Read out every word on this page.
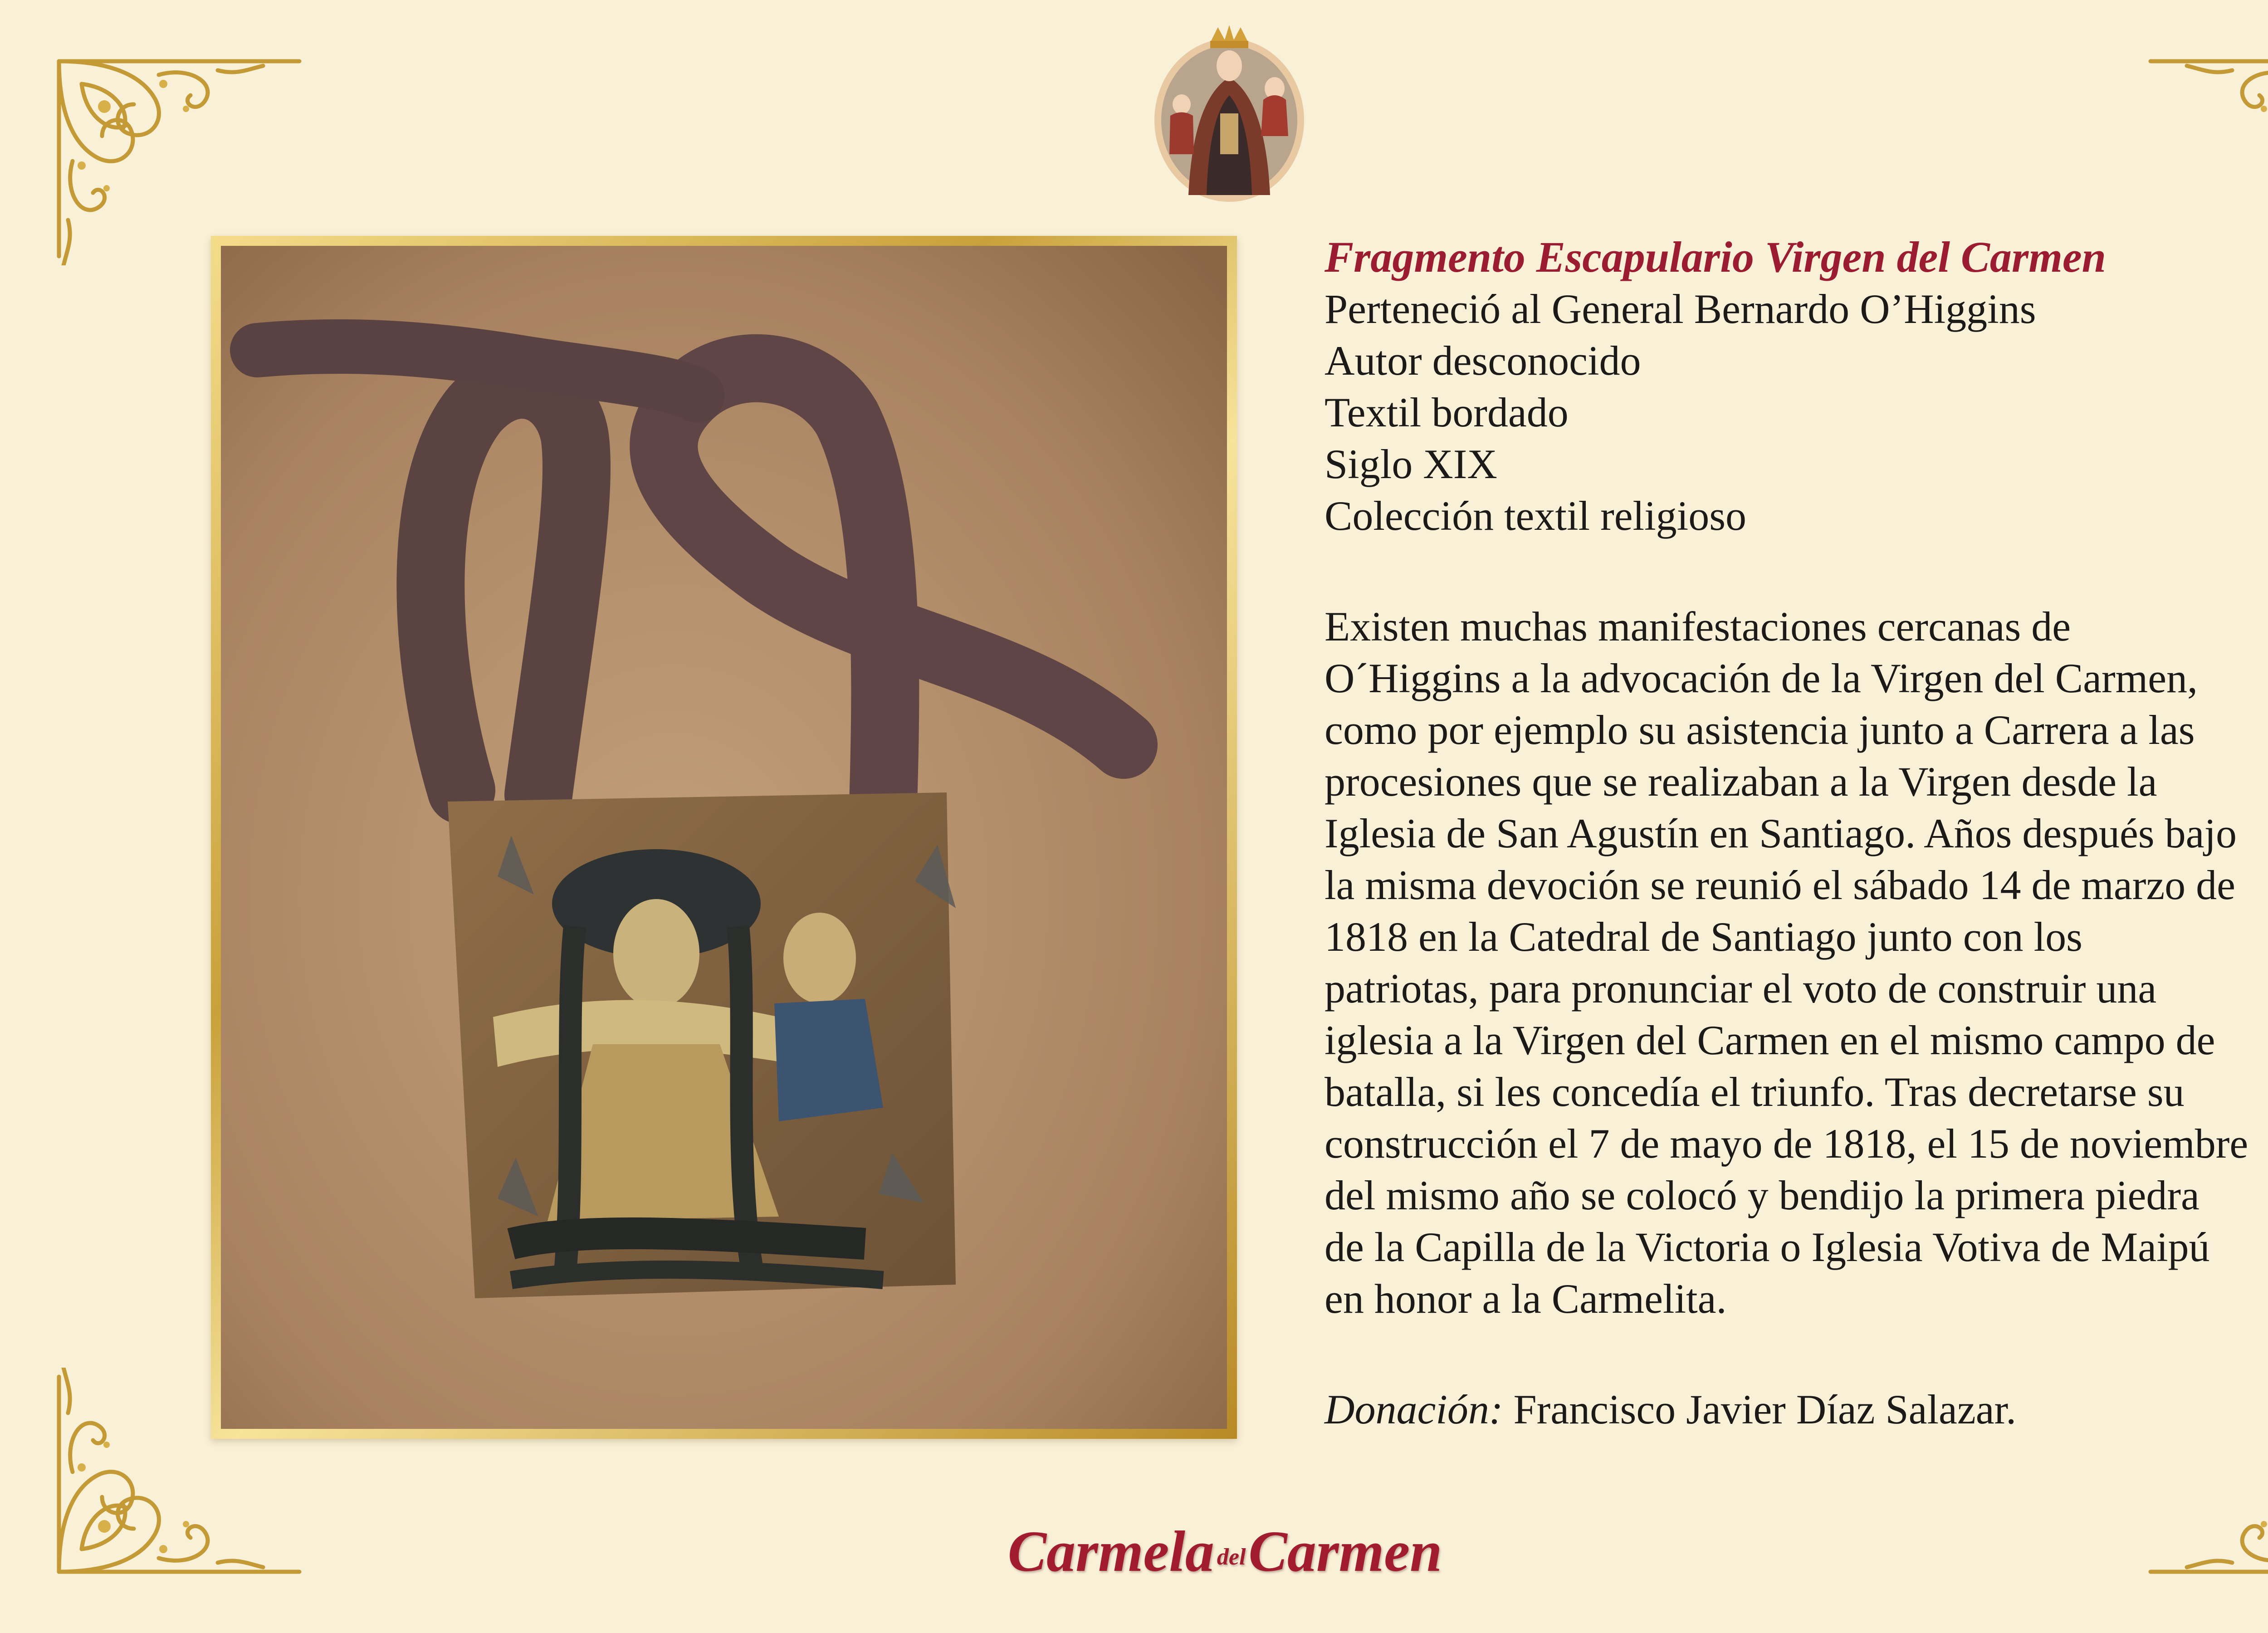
Fragmento Escapulario Virgen del Carmen
Perteneció al General Bernardo O’Higgins
Autor desconocido
Textil bordado
Siglo XIX
Colección textil religioso
Existen muchas manifestaciones cercanas de
O´Higgins a la advocación de la Virgen del Carmen,
como por ejemplo su asistencia junto a Carrera a las
procesiones que se realizaban a la Virgen desde la
Iglesia de San Agustín en Santiago. Años después bajo
la misma devoción se reunió el sábado 14 de marzo de
1818 en la Catedral de Santiago junto con los
patriotas, para pronunciar el voto de construir una
iglesia a la Virgen del Carmen en el mismo campo de
batalla, si les concedía el triunfo. Tras decretarse su
construcción el 7 de mayo de 1818, el 15 de noviembre
del mismo año se colocó y bendijo la primera piedra
de la Capilla de la Victoria o Iglesia Votiva de Maipú
en honor a la Carmelita.
Donación: Francisco Javier Díaz Salazar.
Carmela delCarmen
